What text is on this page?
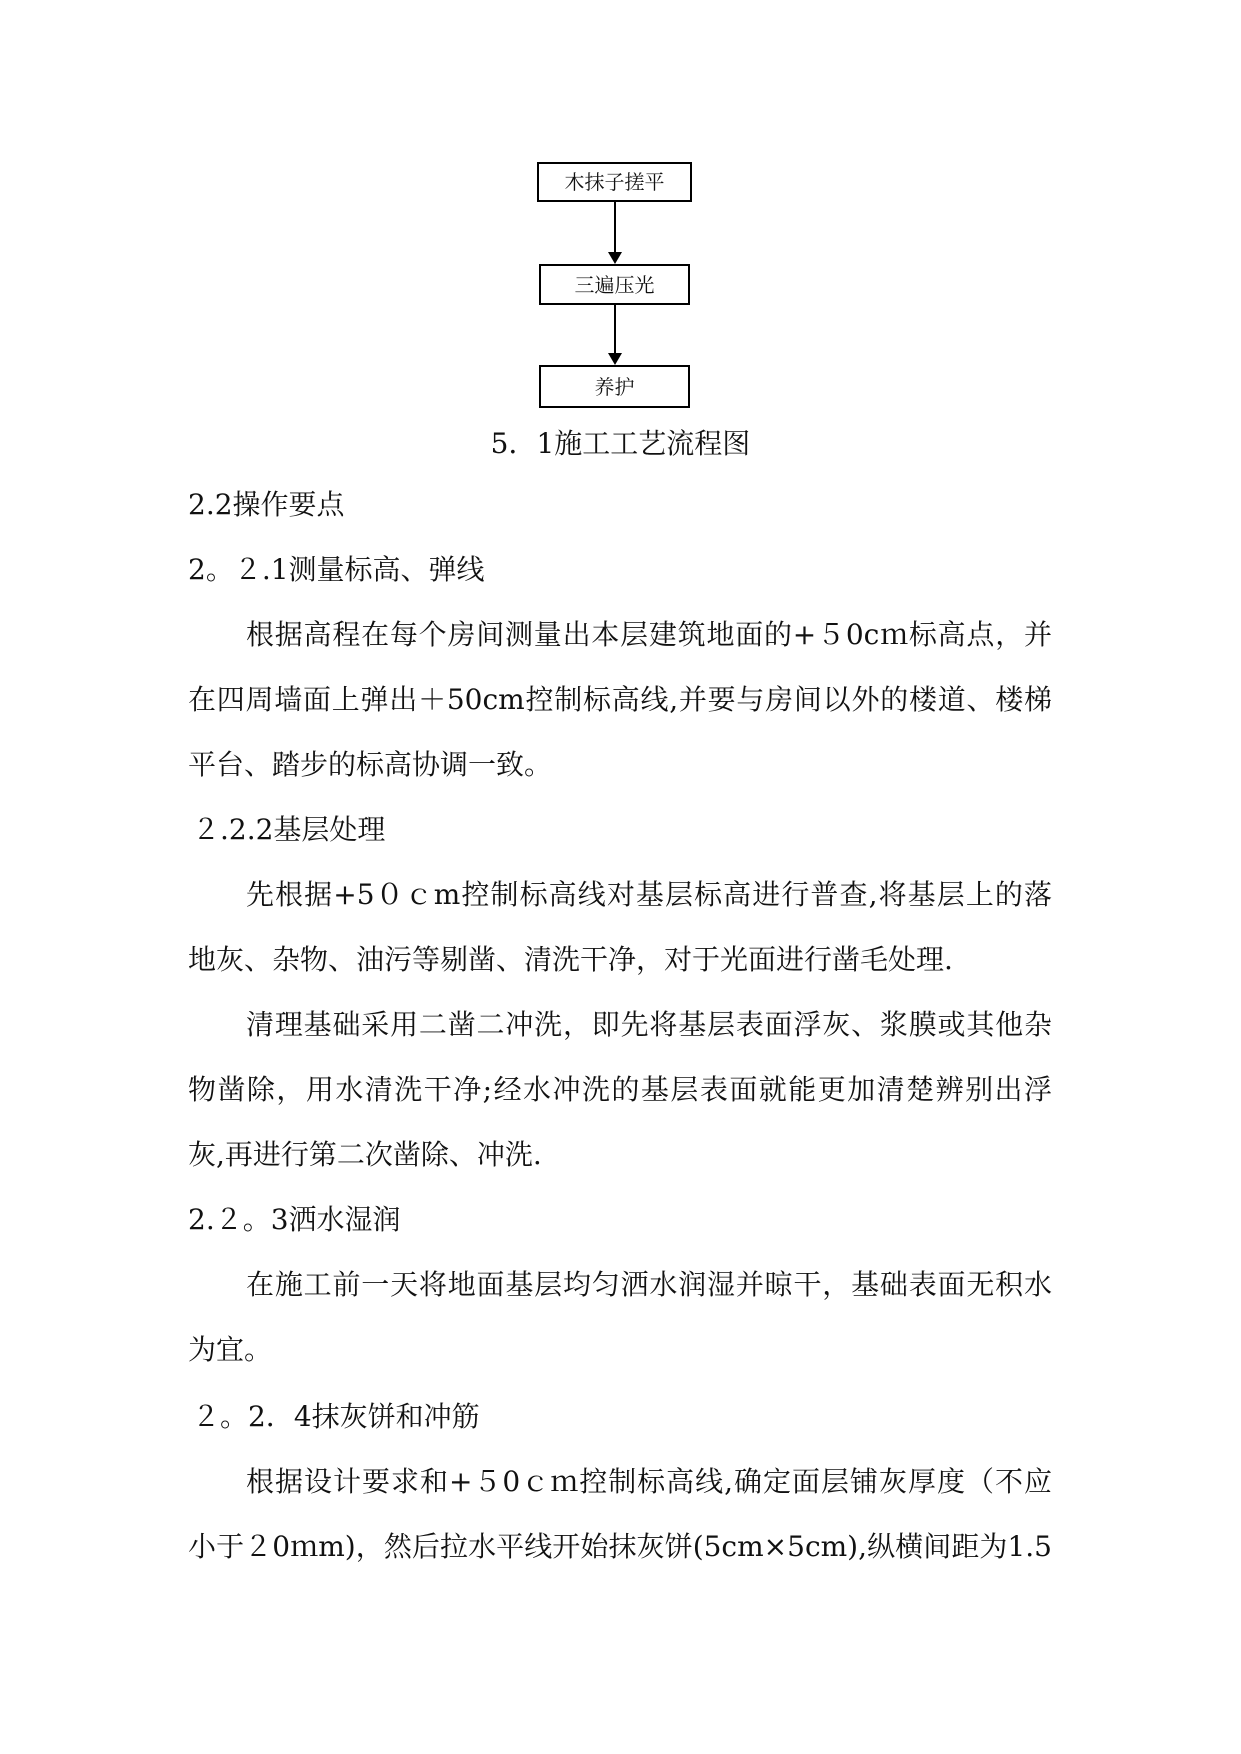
木抹子搓平
三遍压光
养护
5．1施工工艺流程图
2.2操作要点
2。２.1测量标高、弹线
根据高程在每个房间测量出本层建筑地面的+５0cｍ标高点，并
在四周墙面上弹出＋50cm控制标高线,并要与房间以外的楼道、楼梯
平台、踏步的标高协调一致。
２.2.2基层处理
先根据+5０ｃm控制标高线对基层标高进行普查,将基层上的落
地灰、杂物、油污等剔凿、清洗干净，对于光面进行凿毛处理.
清理基础采用二凿二冲洗，即先将基层表面浮灰、浆膜或其他杂
物凿除，用水清洗干净;经水冲洗的基层表面就能更加清楚辨别出浮
灰,再进行第二次凿除、冲洗.
2.２。3洒水湿润
在施工前一天将地面基层均匀洒水润湿并晾干，基础表面无积水
为宜。
２。2．4抹灰饼和冲筋
根据设计要求和+５0ｃｍ控制标高线,确定面层铺灰厚度（不应
小于２0ｍm)，然后拉水平线开始抹灰饼(5cm×5cm),纵横间距为1.5
